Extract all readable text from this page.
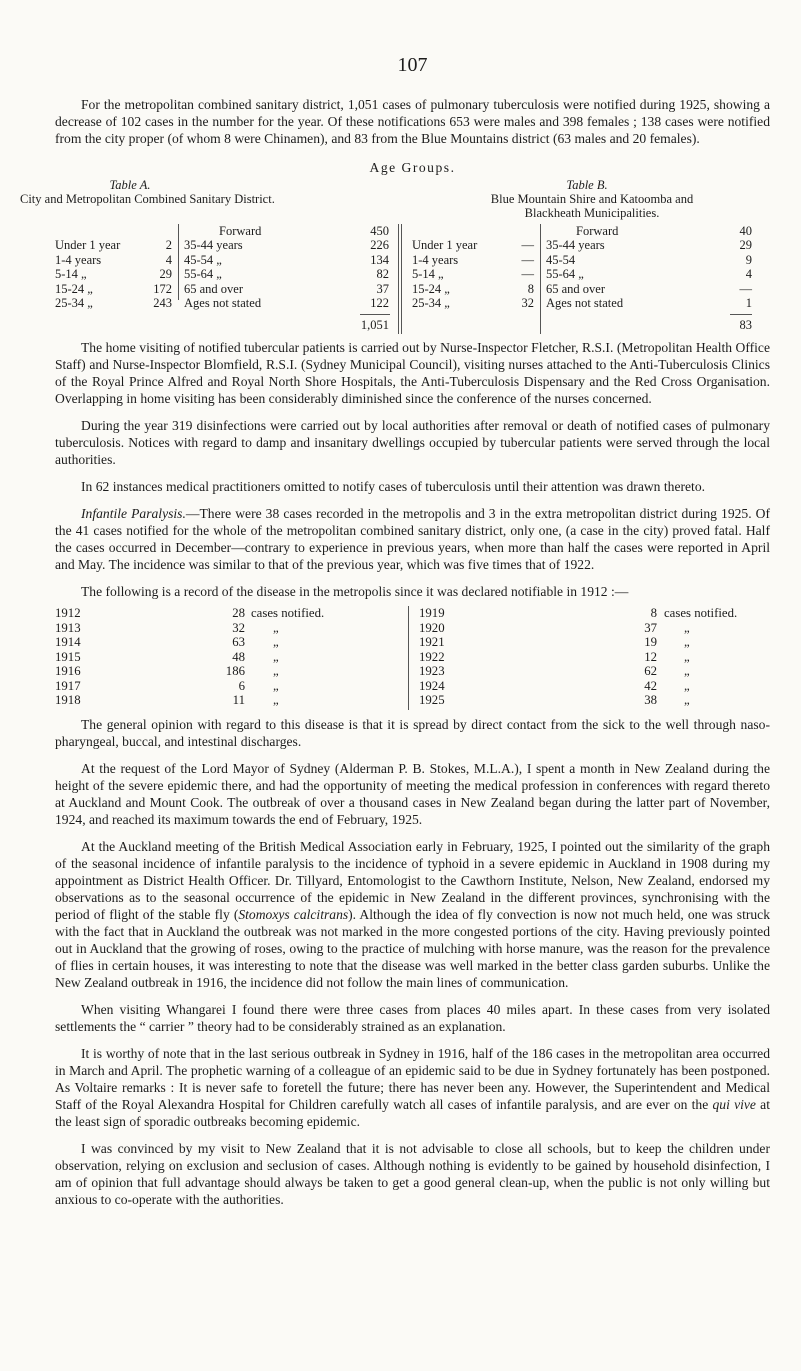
107

For the metropolitan combined sanitary district, 1,051 cases of pulmonary tuberculosis were notified during 1925, showing a decrease of 102 cases in the number for the year. Of these notifications 653 were males and 398 females ; 138 cases were notified from the city proper (of whom 8 were Chinamen), and 83 from the Blue Mountains district (63 males and 20 females).

Age Groups.
Table A.
City and Metropolitan Combined Sanitary District.
Under 1 year	2
1-4 years	4
5-14 „	29
15-24 „	172
25-34 „	243
Forward	450
35-44 years	226
45-54 „	134
55-64 „	82
65 and over	37
Ages not stated	122
1,051
Table B.
Blue Mountain Shire and Katoomba and
Blackheath Municipalities.
Under 1 year	—
1-4 years	—
5-14 „	—
15-24 „	8
25-34 „	32
Forward	40
35-44 years	29
45-54	9
55-64 „	4
65 and over	—
Ages not stated	1
83

The home visiting of notified tubercular patients is carried out by Nurse-Inspector Fletcher, R.S.I. (Metropolitan Health Office Staff) and Nurse-Inspector Blomfield, R.S.I. (Sydney Municipal Council), visiting nurses attached to the Anti-Tuberculosis Clinics of the Royal Prince Alfred and Royal North Shore Hospitals, the Anti-Tuberculosis Dispensary and the Red Cross Organisation. Overlapping in home visiting has been considerably diminished since the conference of the nurses concerned.

During the year 319 disinfections were carried out by local authorities after removal or death of notified cases of pulmonary tuberculosis. Notices with regard to damp and insanitary dwellings occupied by tubercular patients were served through the local authorities.

In 62 instances medical practitioners omitted to notify cases of tuberculosis until their attention was drawn thereto.

Infantile Paralysis.—There were 38 cases recorded in the metropolis and 3 in the extra metropolitan district during 1925. Of the 41 cases notified for the whole of the metropolitan combined sanitary district, only one, (a case in the city) proved fatal. Half the cases occurred in December—contrary to experience in previous years, when more than half the cases were reported in April and May. The incidence was similar to that of the previous year, which was five times that of 1922.

The following is a record of the disease in the metropolis since it was declared notifiable in 1912 :—

1912	28 cases notified.
1913	32 „
1914	63 „
1915	48 „
1916	186 „
1917	6 „
1918	11 „
1919	8 cases notified.
1920	37 „
1921	19 „
1922	12 „
1923	62 „
1924	42 „
1925	38 „

The general opinion with regard to this disease is that it is spread by direct contact from the sick to the well through naso-pharyngeal, buccal, and intestinal discharges.

At the request of the Lord Mayor of Sydney (Alderman P. B. Stokes, M.L.A.), I spent a month in New Zealand during the height of the severe epidemic there, and had the opportunity of meeting the medical profession in conferences with regard thereto at Auckland and Mount Cook. The outbreak of over a thousand cases in New Zealand began during the latter part of November, 1924, and reached its maximum towards the end of February, 1925.

At the Auckland meeting of the British Medical Association early in February, 1925, I pointed out the similarity of the graph of the seasonal incidence of infantile paralysis to the incidence of typhoid in a severe epidemic in Auckland in 1908 during my appointment as District Health Officer. Dr. Tillyard, Entomologist to the Cawthorn Institute, Nelson, New Zealand, endorsed my observations as to the seasonal occurrence of the epidemic in New Zealand in the different provinces, synchronising with the period of flight of the stable fly (Stomoxys calcitrans). Although the idea of fly convection is now not much held, one was struck with the fact that in Auckland the outbreak was not marked in the more congested portions of the city. Having previously pointed out in Auckland that the growing of roses, owing to the practice of mulching with horse manure, was the reason for the prevalence of flies in certain houses, it was interesting to note that the disease was well marked in the better class garden suburbs. Unlike the New Zealand outbreak in 1916, the incidence did not follow the main lines of communication.

When visiting Whangarei I found there were three cases from places 40 miles apart. In these cases from very isolated settlements the “ carrier ” theory had to be considerably strained as an explanation.

It is worthy of note that in the last serious outbreak in Sydney in 1916, half of the 186 cases in the metropolitan area occurred in March and April. The prophetic warning of a colleague of an epidemic said to be due in Sydney fortunately has been postponed. As Voltaire remarks : It is never safe to foretell the future; there has never been any. However, the Superintendent and Medical Staff of the Royal Alexandra Hospital for Children carefully watch all cases of infantile paralysis, and are ever on the qui vive at the least sign of sporadic outbreaks becoming epidemic.

I was convinced by my visit to New Zealand that it is not advisable to close all schools, but to keep the children under observation, relying on exclusion and seclusion of cases. Although nothing is evidently to be gained by household disinfection, I am of opinion that full advantage should always be taken to get a good general clean-up, when the public is not only willing but anxious to co-operate with the authorities.
